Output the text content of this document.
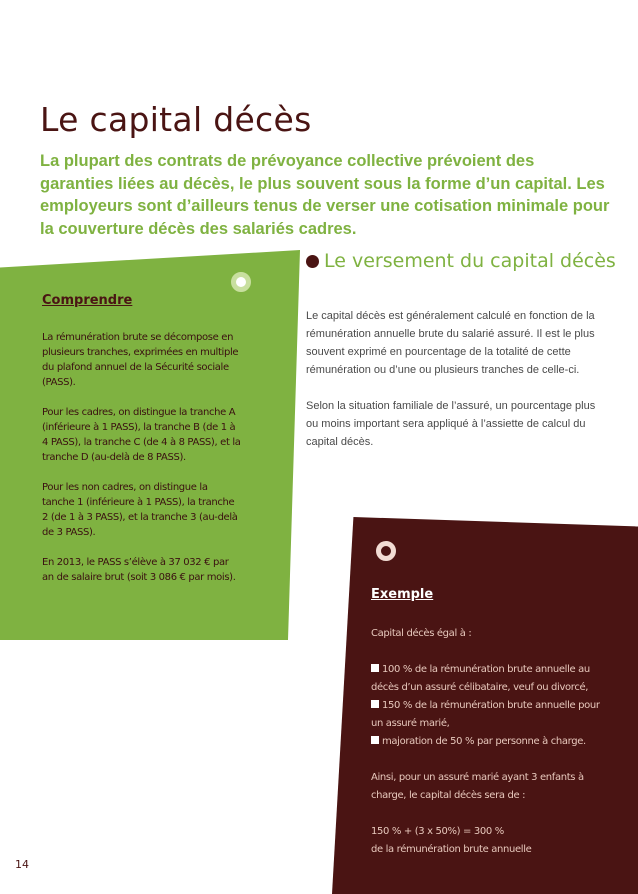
Le capital décès

La plupart des contrats de prévoyance collective prévoient des garanties liées au décès, le plus souvent sous la forme d’un capital. Les employeurs sont d’ailleurs tenus de verser une cotisation minimale pour la couverture décès des salariés cadres.

Comprendre

La rémunération brute se décompose en plusieurs tranches, exprimées en multiple du plafond annuel de la Sécurité sociale (PASS).

Pour les cadres, on distingue la tranche A (inférieure à 1 PASS), la tranche B (de 1 à 4 PASS), la tranche C (de 4 à 8 PASS), et la tranche D (au-delà de 8 PASS).

Pour les non cadres, on distingue la tanche 1 (inférieure à 1 PASS), la tranche 2 (de 1 à 3 PASS), et la tranche 3 (au-delà de 3 PASS).

En 2013, le PASS s’élève à 37 032 € par an de salaire brut (soit 3 086 € par mois).

Le versement du capital décès

Le capital décès est généralement calculé en fonction de la rémunération annuelle brute du salarié assuré. Il est le plus souvent exprimé en pourcentage de la totalité de cette rémunération ou d’une ou plusieurs tranches de celle-ci.

Selon la situation familiale de l’assuré, un pourcentage plus ou moins important sera appliqué à l’assiette de calcul du capital décès.

Exemple

Capital décès égal à :

100 % de la rémunération brute annuelle au décès d’un assuré célibataire, veuf ou divorcé,
150 % de la rémunération brute annuelle pour un assuré marié,
majoration de 50 % par personne à charge.

Ainsi, pour un assuré marié ayant 3 enfants à charge, le capital décès sera de :

150 % + (3 x 50%) = 300 %

de la rémunération brute annuelle

14
